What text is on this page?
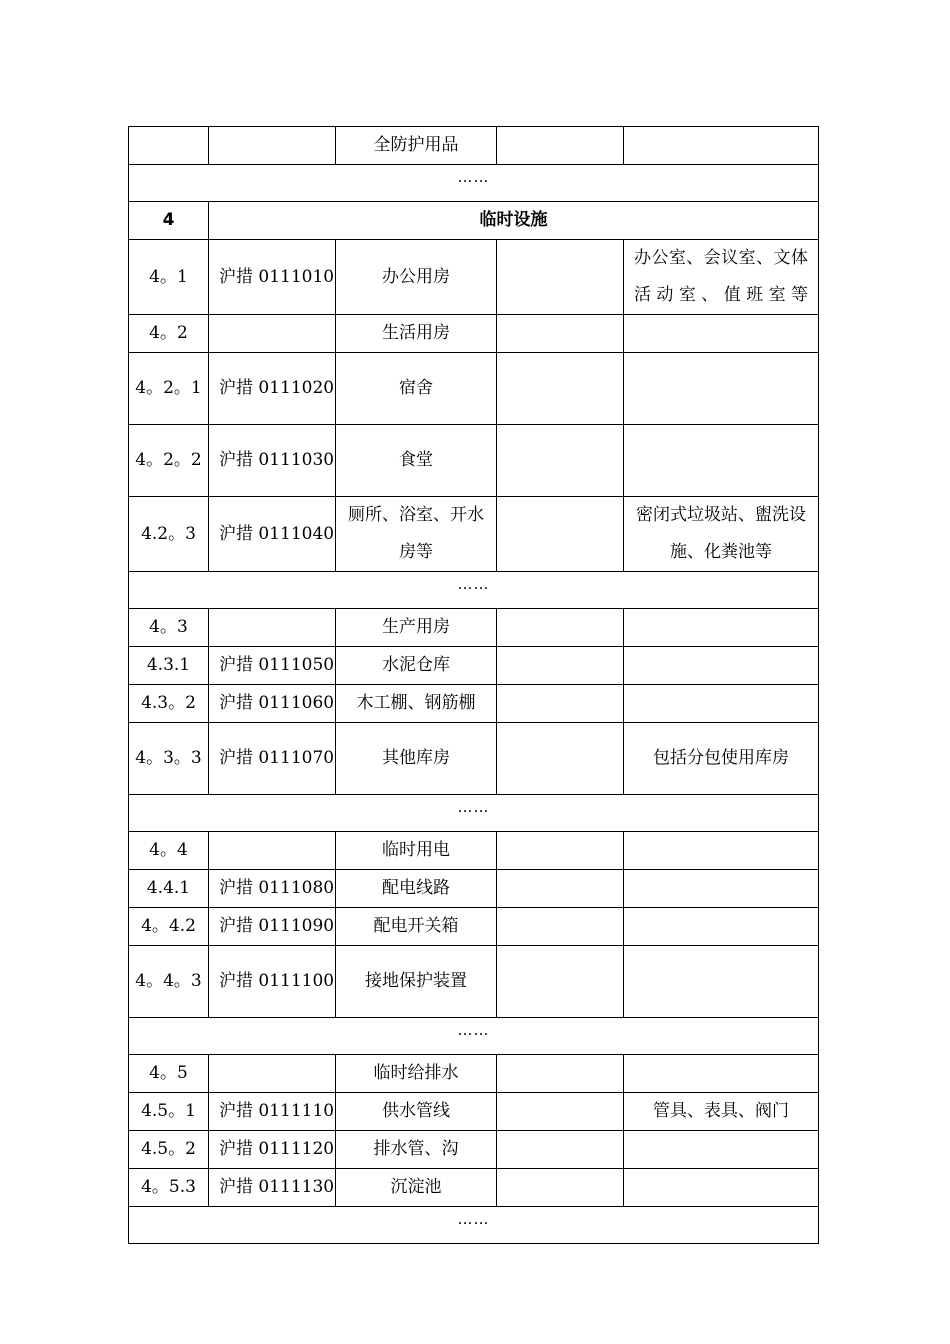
		全防护用品		
……				
4	临时设施			
4。1	沪措 0111010	办公用房		办公室、会议室、文体活动室、值班室等
4。2		生活用房		
4。2。1	沪措 0111020	宿舍		
4。2。2	沪措 0111030	食堂		
4.2。3	沪措 0111040	厕所、浴室、开水房等		密闭式垃圾站、盥洗设施、化粪池等
……				
4。3		生产用房		
4.3.1	沪措 0111050	水泥仓库		
4.3。2	沪措 0111060	木工棚、钢筋棚		
4。3。3	沪措 0111070	其他库房		包括分包使用库房
……				
4。4		临时用电		
4.4.1	沪措 0111080	配电线路		
4。4.2	沪措 0111090	配电开关箱		
4。4。3	沪措 0111100	接地保护装置		
……				
4。5		临时给排水		
4.5。1	沪措 0111110	供水管线		管具、表具、阀门
4.5。2	沪措 0111120	排水管、沟		
4。5.3	沪措 0111130	沉淀池		
……				
